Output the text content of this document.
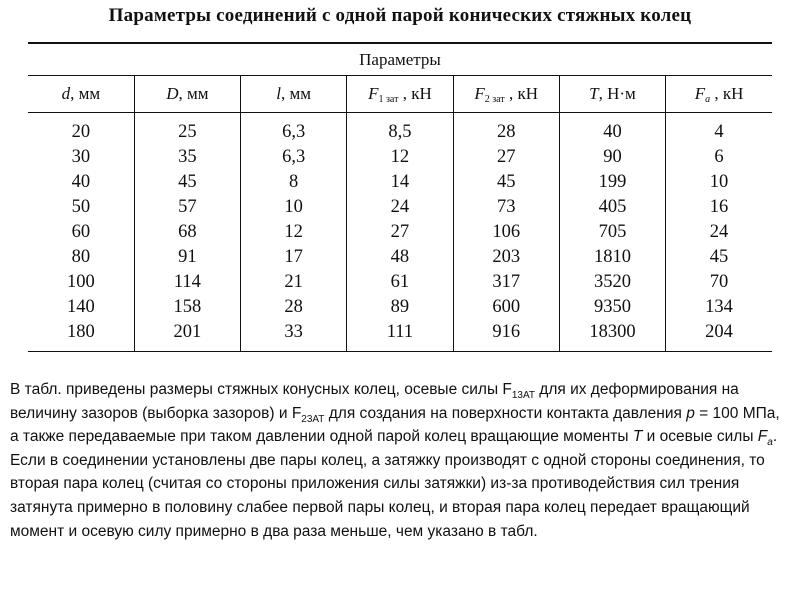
Параметры соединений с одной парой конических стяжных колец
Параметры						
d, мм	D, мм	l, мм	$F_{1 зат}$ , кН	$F_{2 зат}$ , кН	T, Н·м	$F_a$ , кН
20	25	6,3	8,5	28	40	4
30	35	6,3	12	27	90	6
40	45	8	14	45	199	10
50	57	10	24	73	405	16
60	68	12	27	106	705	24
80	91	17	48	203	1810	45
100	114	21	61	317	3520	70
140	158	28	89	600	9350	134
180	201	33	111	916	18300	204
В табл. приведены размеры стяжных конусных колец, осевые силы $F_{13АТ}$ для их деформирования на величину зазоров (выборка зазоров) и $F_{23АТ}$ для создания на поверхности контакта давления p = 100 МПа, а также передаваемые при таком давлении одной парой колец вращающие моменты T и осевые силы $F_a$. Если в соединении установлены две пары колец, а затяжку производят с одной стороны соединения, то вторая пара колец (считая со стороны приложения силы затяжки) из-за противодействия сил трения затянута примерно в половину слабее первой пары колец, и вторая пара колец передает вращающий момент и осевую силу примерно в два раза меньше, чем указано в табл.
